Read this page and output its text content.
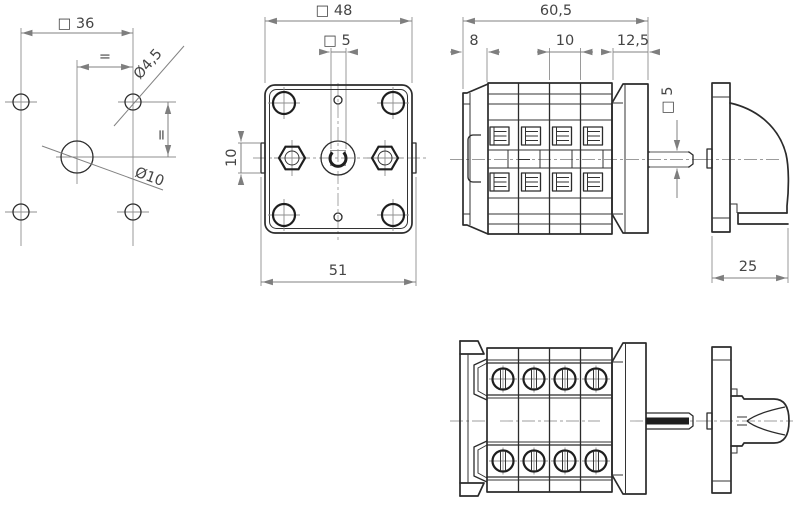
□ 36
= Ø4,5
=
Ø10
□ 48
□ 5
51
10
60,5
8	10	12,5
□ 5
25
